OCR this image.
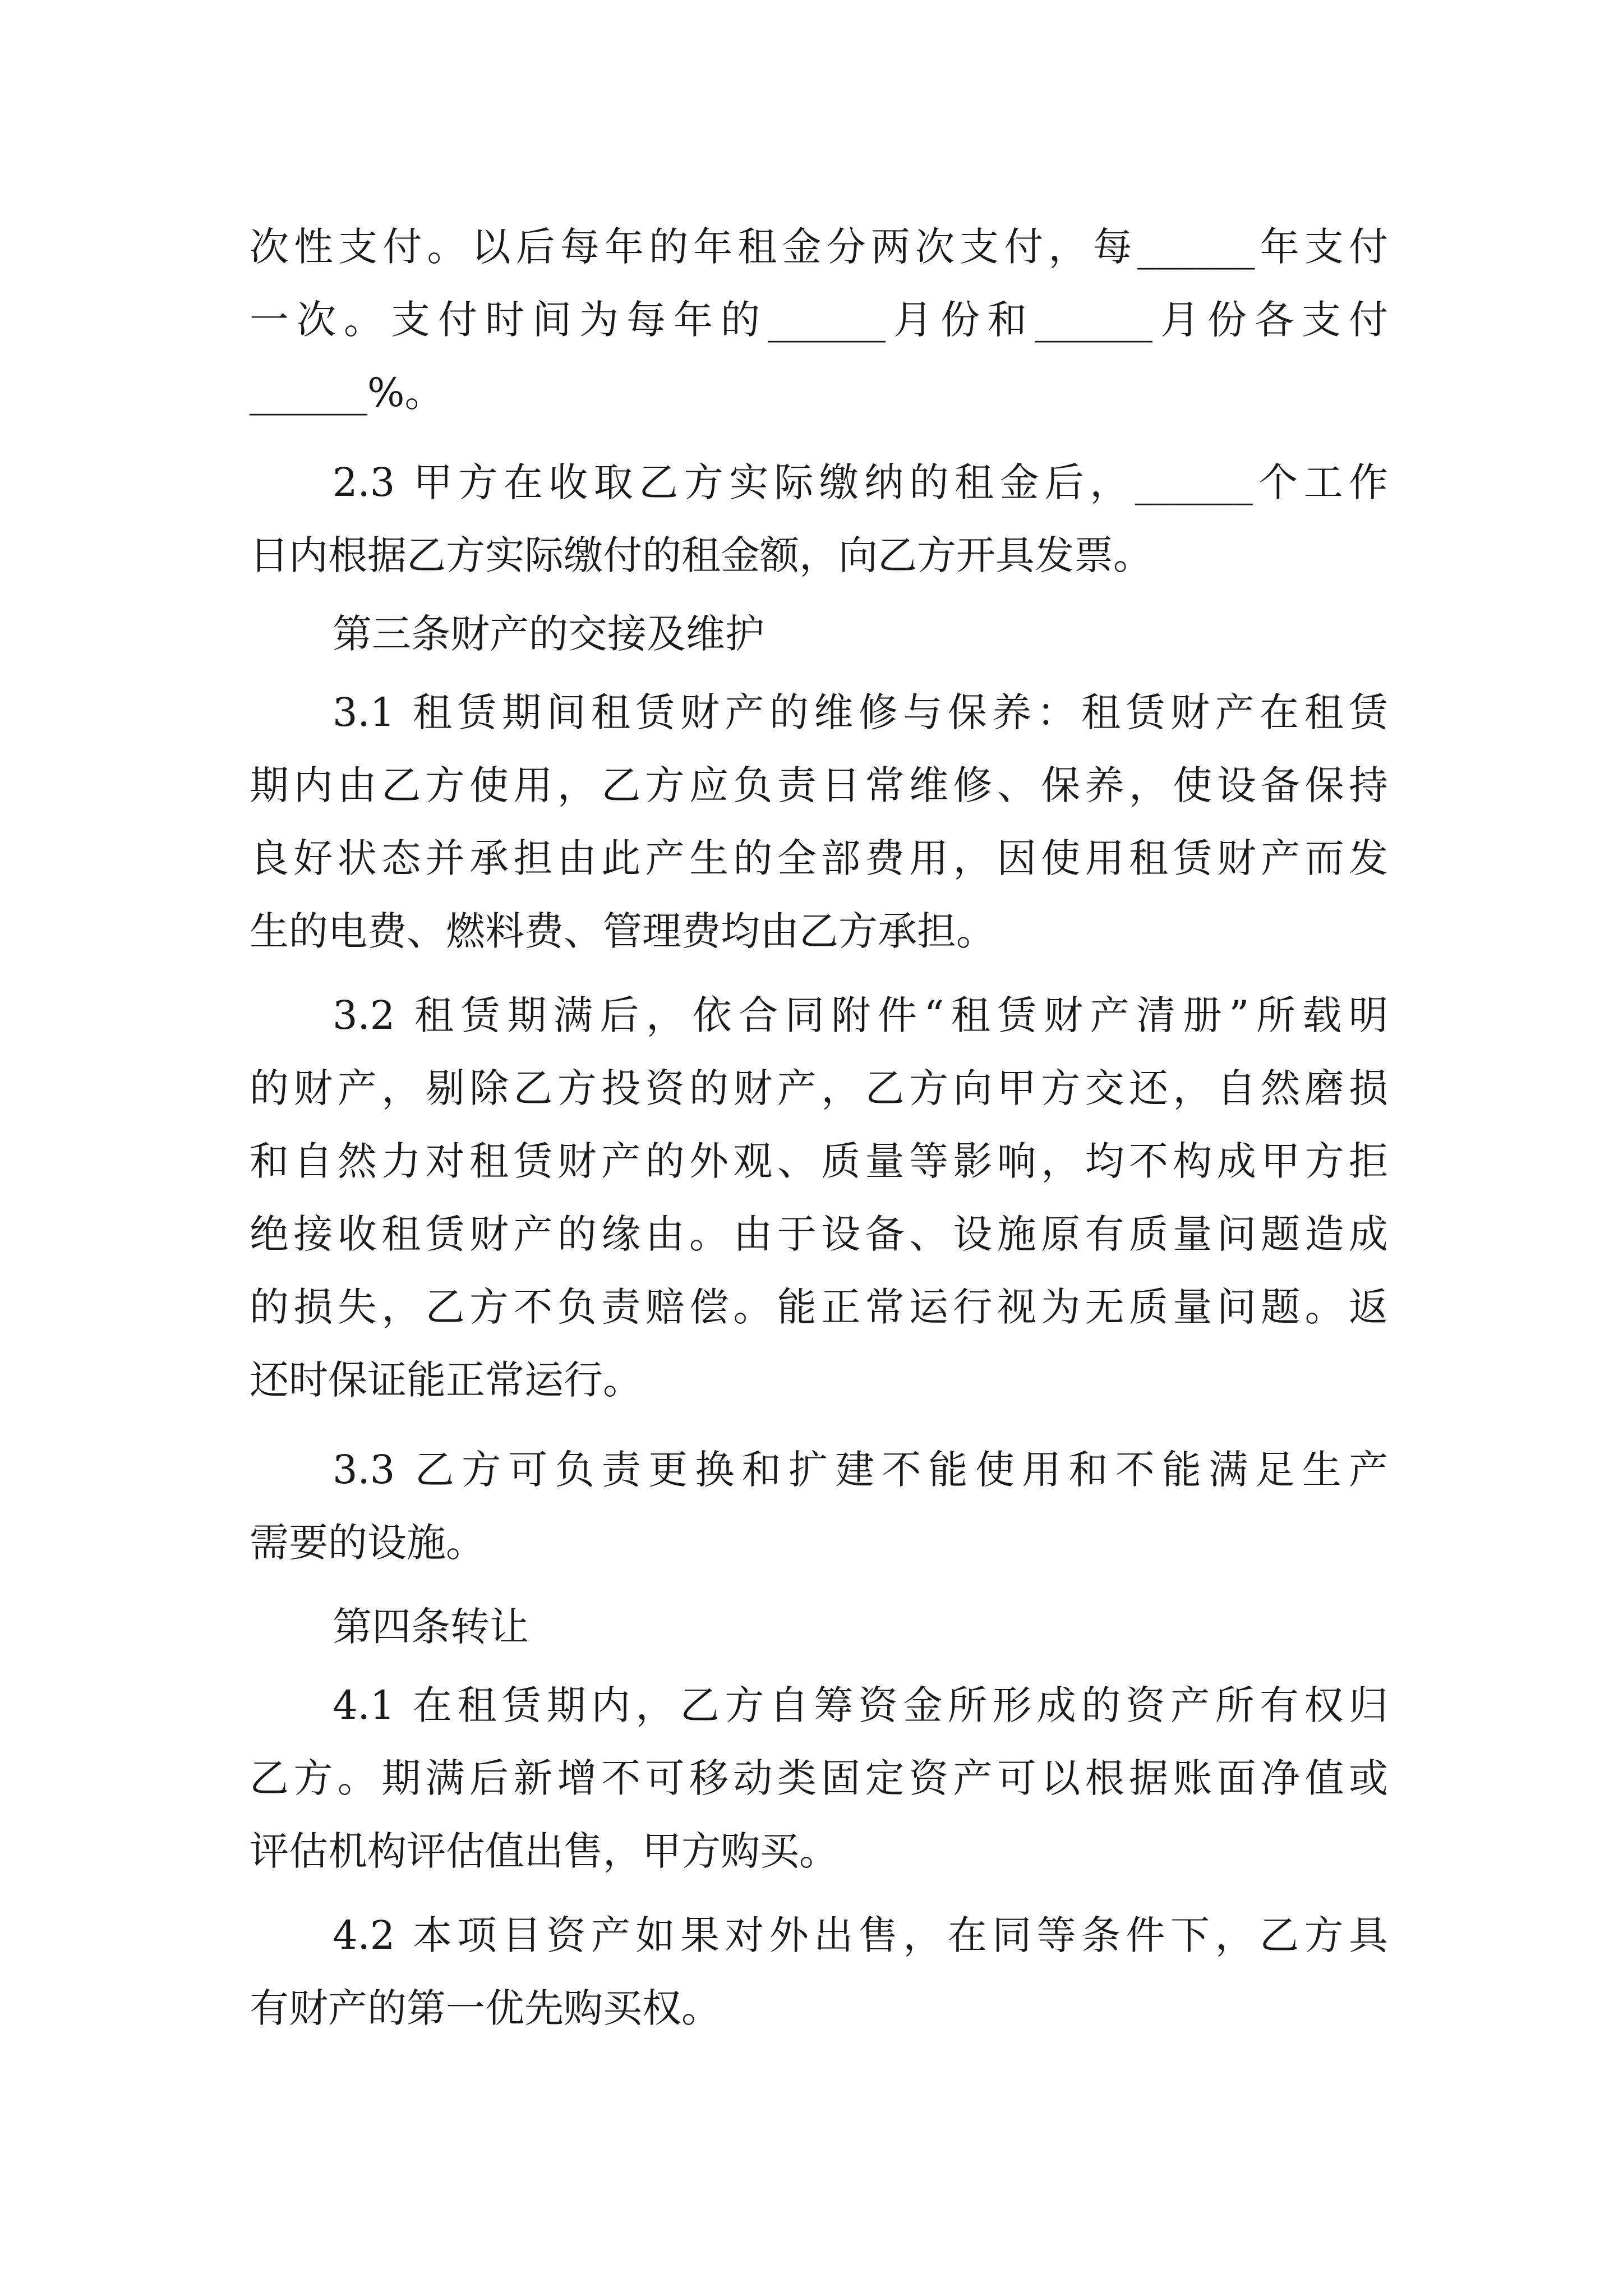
次性支付。以后每年的年租金分两次支付，每______年支付
一次。支付时间为每年的______月份和______月份各支付
______%。
2.3 甲方在收取乙方实际缴纳的租金后，______个工作
日内根据乙方实际缴付的租金额，向乙方开具发票。
第三条财产的交接及维护
3.1 租赁期间租赁财产的维修与保养：租赁财产在租赁
期内由乙方使用，乙方应负责日常维修、保养，使设备保持
良好状态并承担由此产生的全部费用，因使用租赁财产而发
生的电费、燃料费、管理费均由乙方承担。
3.2 租赁期满后，依合同附件“租赁财产清册”所载明
的财产，剔除乙方投资的财产，乙方向甲方交还，自然磨损
和自然力对租赁财产的外观、质量等影响，均不构成甲方拒
绝接收租赁财产的缘由。由于设备、设施原有质量问题造成
的损失，乙方不负责赔偿。能正常运行视为无质量问题。返
还时保证能正常运行。
3.3 乙方可负责更换和扩建不能使用和不能满足生产
需要的设施。
第四条转让
4.1 在租赁期内，乙方自筹资金所形成的资产所有权归
乙方。期满后新增不可移动类固定资产可以根据账面净值或
评估机构评估值出售，甲方购买。
4.2 本项目资产如果对外出售，在同等条件下，乙方具
有财产的第一优先购买权。
